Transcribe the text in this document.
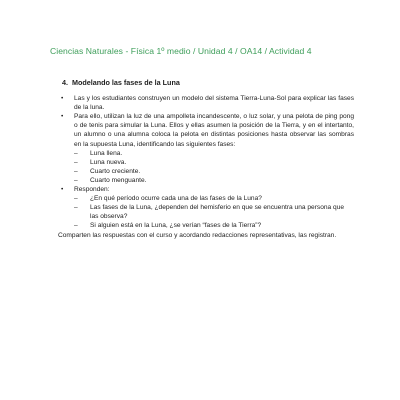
Ciencias Naturales - Física 1º medio / Unidad 4 / OA14 / Actividad 4
4. Modelando las fases de la Luna
• Las y los estudiantes construyen un modelo del sistema Tierra-Luna-Sol para explicar las fases de la luna.
• Para ello, utilizan la luz de una ampolleta incandescente, o luz solar, y una pelota de ping pong o de tenis para simular la Luna. Ellos y ellas asumen la posición de la Tierra, y en el intertanto, un alumno o una alumna coloca la pelota en distintas posiciones hasta observar las sombras en la supuesta Luna, identificando las siguientes fases:
– Luna llena.
– Luna nueva.
– Cuarto creciente.
– Cuarto menguante.
• Responden:
– ¿En qué período ocurre cada una de las fases de la Luna?
– Las fases de la Luna, ¿dependen del hemisferio en que se encuentra una persona que las observa?
– Si alguien está en la Luna, ¿se verían “fases de la Tierra”?
Comparten las respuestas con el curso y acordando redacciones representativas, las registran.
